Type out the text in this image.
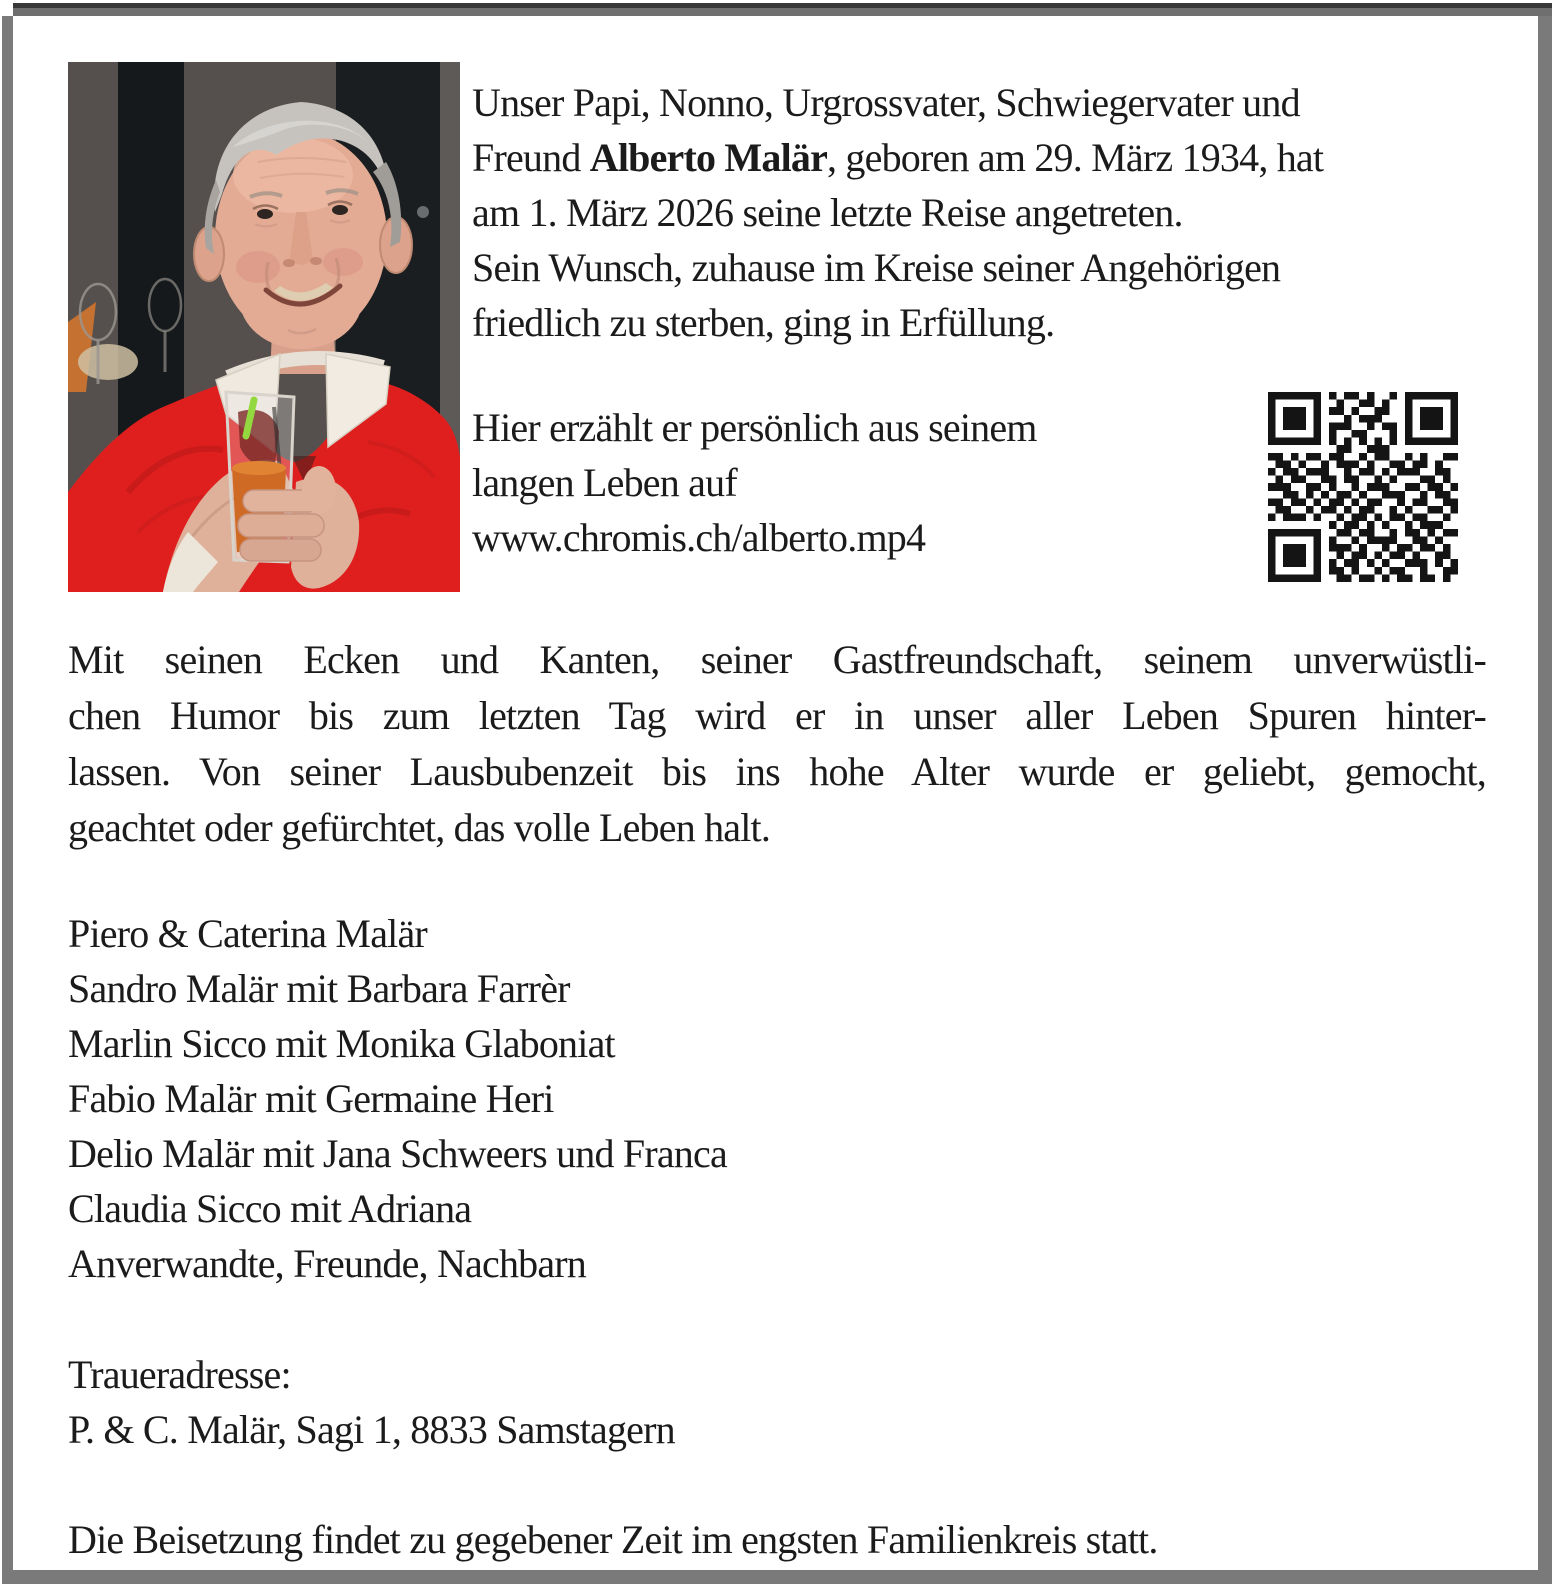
Unser Papi, Nonno, Urgrossvater, Schwiegervater und
Freund Alberto Malär, geboren am 29. März 1934, hat
am 1. März 2026 seine letzte Reise angetreten.
Sein Wunsch, zuhause im Kreise seiner Angehörigen
friedlich zu sterben, ging in Erfüllung.
Hier erzählt er persönlich aus seinem
langen Leben auf
www.chromis.ch/alberto.mp4
Mit seinen Ecken und Kanten, seiner Gastfreundschaft, seinem unverwüstli-
chen Humor bis zum letzten Tag wird er in unser aller Leben Spuren hinter-
lassen. Von seiner Lausbubenzeit bis ins hohe Alter wurde er geliebt, gemocht,
geachtet oder gefürchtet, das volle Leben halt.
Piero & Caterina Malär
Sandro Malär mit Barbara Farrèr
Marlin Sicco mit Monika Glaboniat
Fabio Malär mit Germaine Heri
Delio Malär mit Jana Schweers und Franca
Claudia Sicco mit Adriana
Anverwandte, Freunde, Nachbarn
Traueradresse:
P. & C. Malär, Sagi 1, 8833 Samstagern
Die Beisetzung findet zu gegebener Zeit im engsten Familienkreis statt.
